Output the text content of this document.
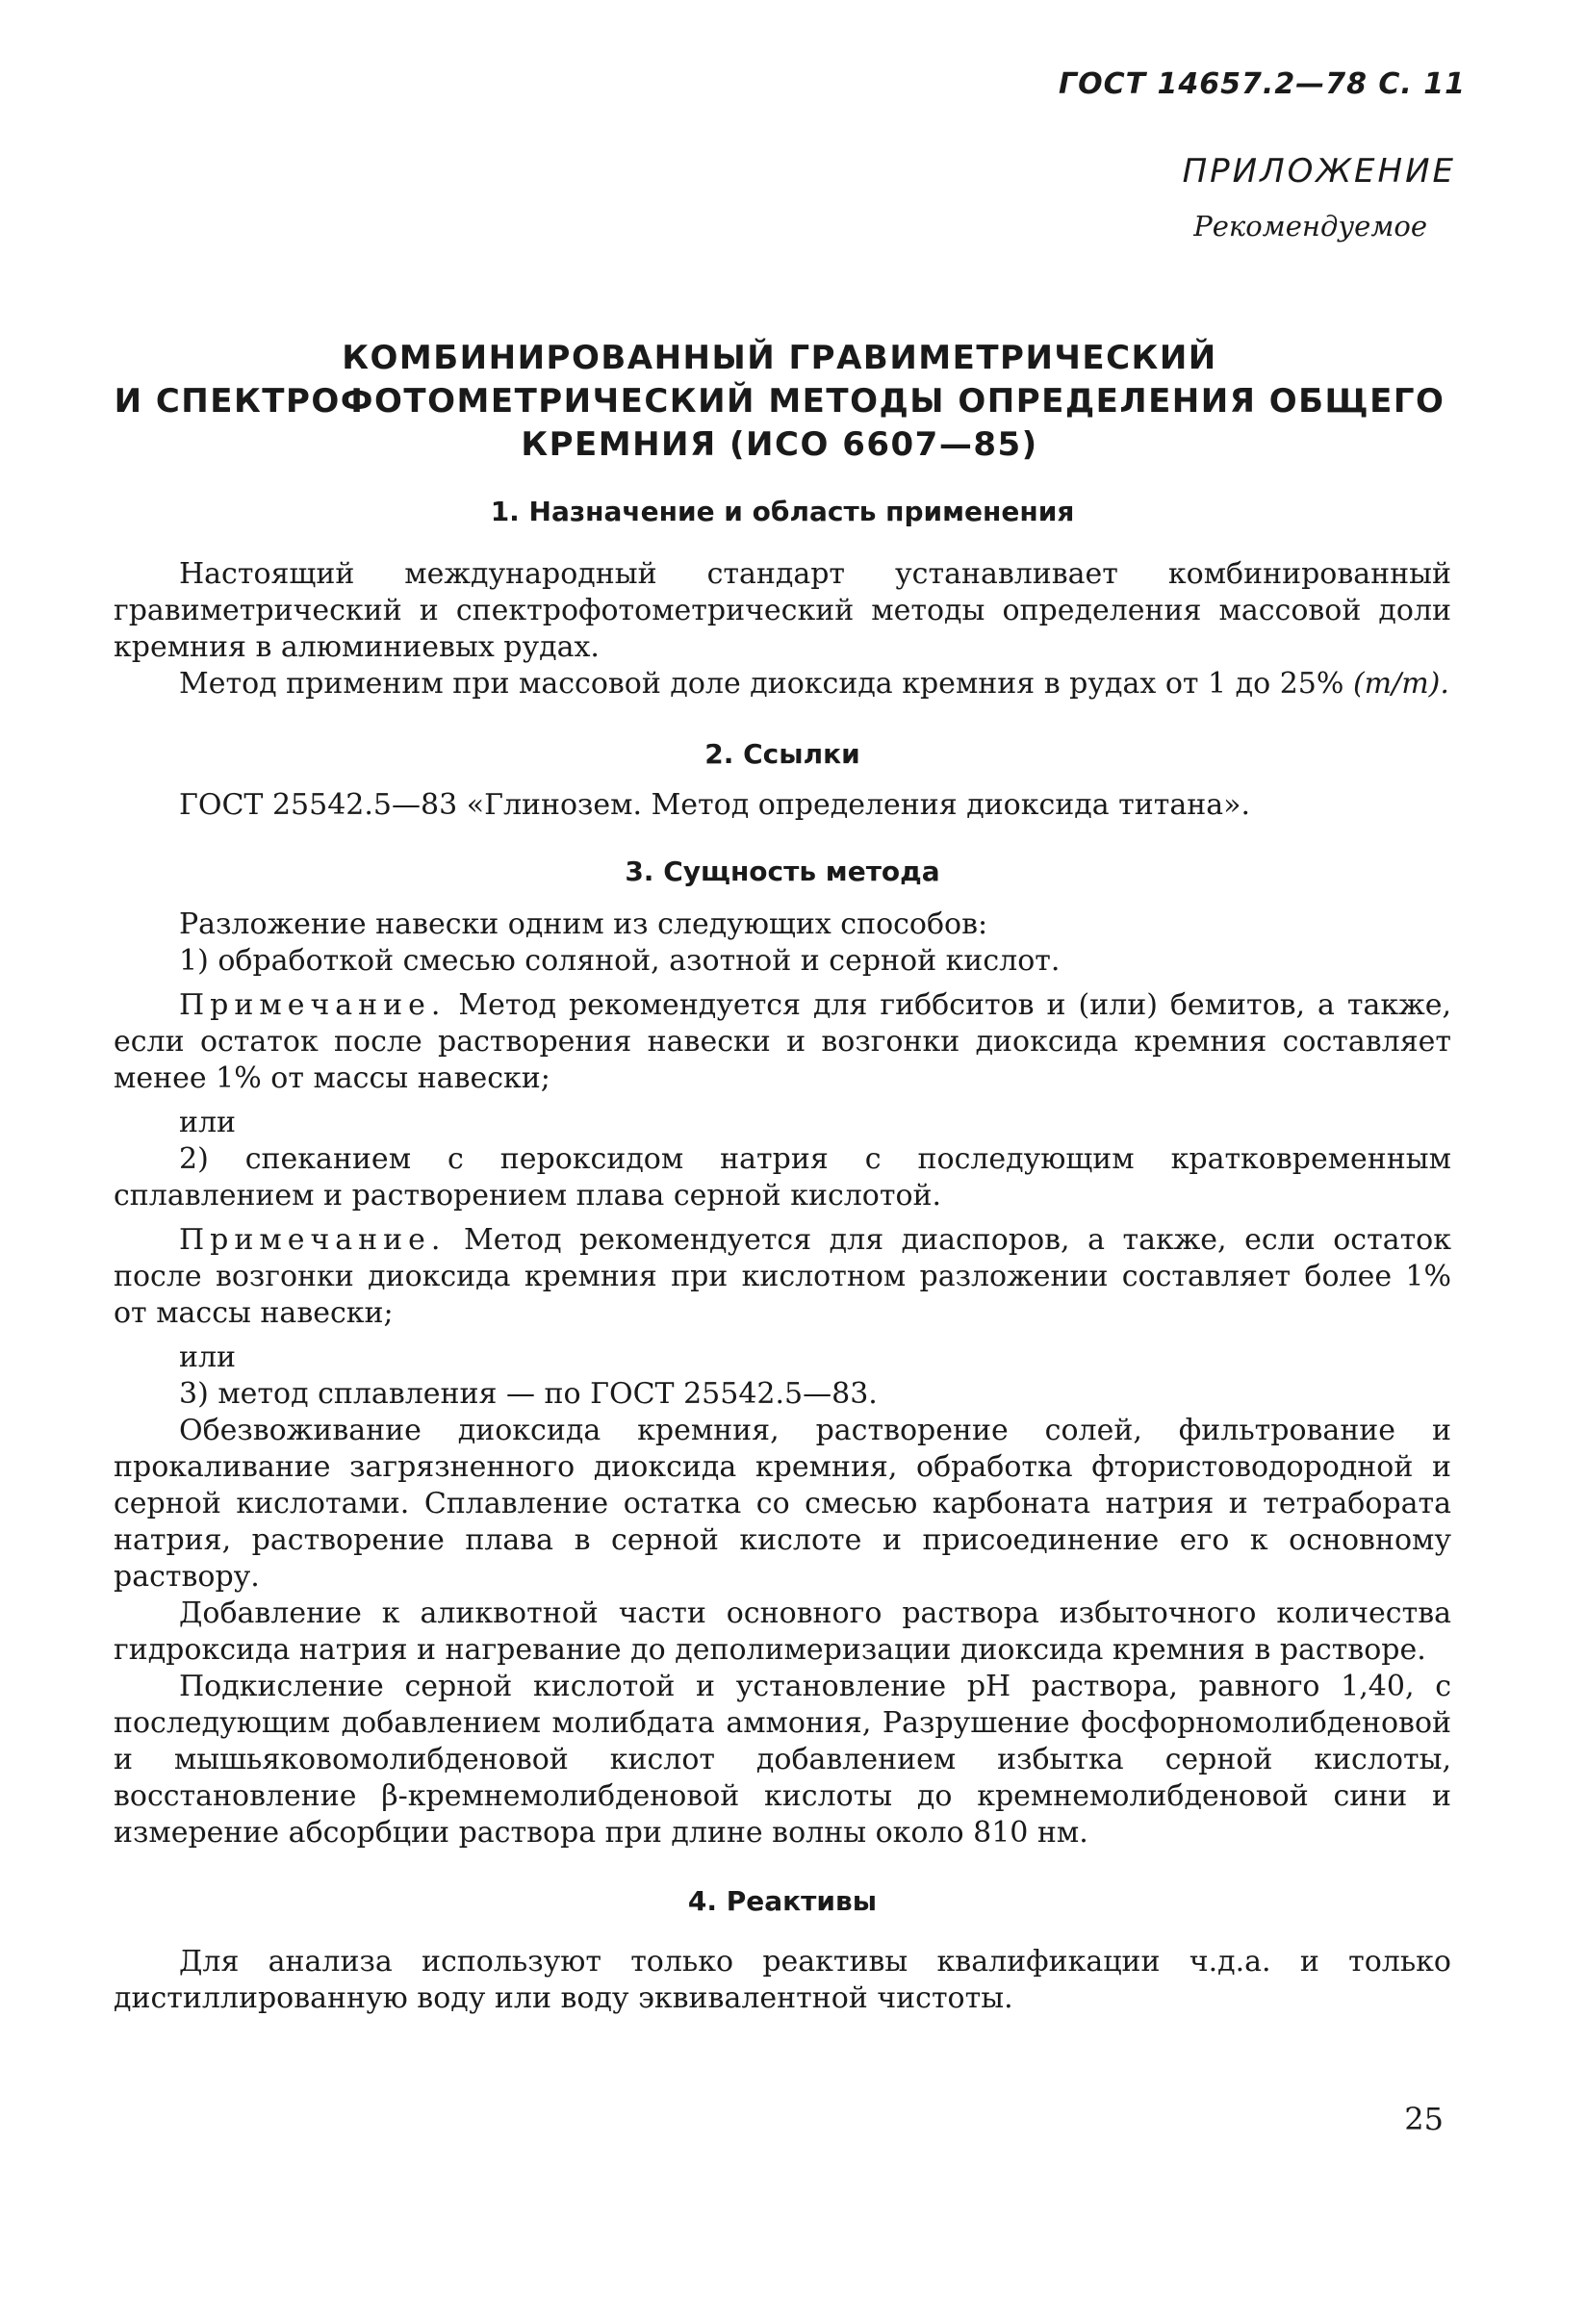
ГОСТ 14657.2—78 С. 11
ПРИЛОЖЕНИЕ
Рекомендуемое
КОМБИНИРОВАННЫЙ ГРАВИМЕТРИЧЕСКИЙ
И СПЕКТРОФОТОМЕТРИЧЕСКИЙ МЕТОДЫ ОПРЕДЕЛЕНИЯ ОБЩЕГО
КРЕМНИЯ (ИСО 6607—85)
1. Назначение и область применения

Настоящий международный стандарт устанавливает комбинированный гравиметрический и спектрофотометрический методы определения массовой доли кремния в алюминиевых рудах.

Метод применим при массовой доле диоксида кремния в рудах от 1 до 25% (m/m).

2. Ссылки

ГОСТ 25542.5—83 «Глинозем. Метод определения диоксида титана».

3. Сущность метода

Разложение навески одним из следующих способов:

1) обработкой смесью соляной, азотной и серной кислот.

Примечание. Метод рекомендуется для гиббситов и (или) бемитов, а также, если остаток после растворения навески и возгонки диоксида кремния составляет менее 1% от массы навески;

или

2) спеканием с пероксидом натрия с последующим кратковременным сплавлением и растворением плава серной кислотой.

Примечание. Метод рекомендуется для диаспоров, а также, если остаток после возгонки диоксида кремния при кислотном разложении составляет более 1% от массы навески;

или

3) метод сплавления — по ГОСТ 25542.5—83.

Обезвоживание диоксида кремния, растворение солей, фильтрование и прокаливание загрязненного диоксида кремния, обработка фтористоводородной и серной кислотами. Сплавление остатка со смесью карбоната натрия и тетрабората натрия, растворение плава в серной кислоте и присоединение его к основному раствору.

Добавление к аликвотной части основного раствора избыточного количества гидроксида натрия и нагревание до деполимеризации диоксида кремния в растворе.

Подкисление серной кислотой и установление pH раствора, равного 1,40, с последующим добавлением молибдата аммония, Разрушение фосфорномолибденовой и мышьяковомолибденовой кислот добавлением избытка серной кислоты, восстановление β-кремнемолибденовой кислоты до кремнемолибденовой сини и измерение абсорбции раствора при длине волны около 810 нм.

4. Реактивы

Для анализа используют только реактивы квалификации ч.д.а. и только дистиллированную воду или воду эквивалентной чистоты.

25
